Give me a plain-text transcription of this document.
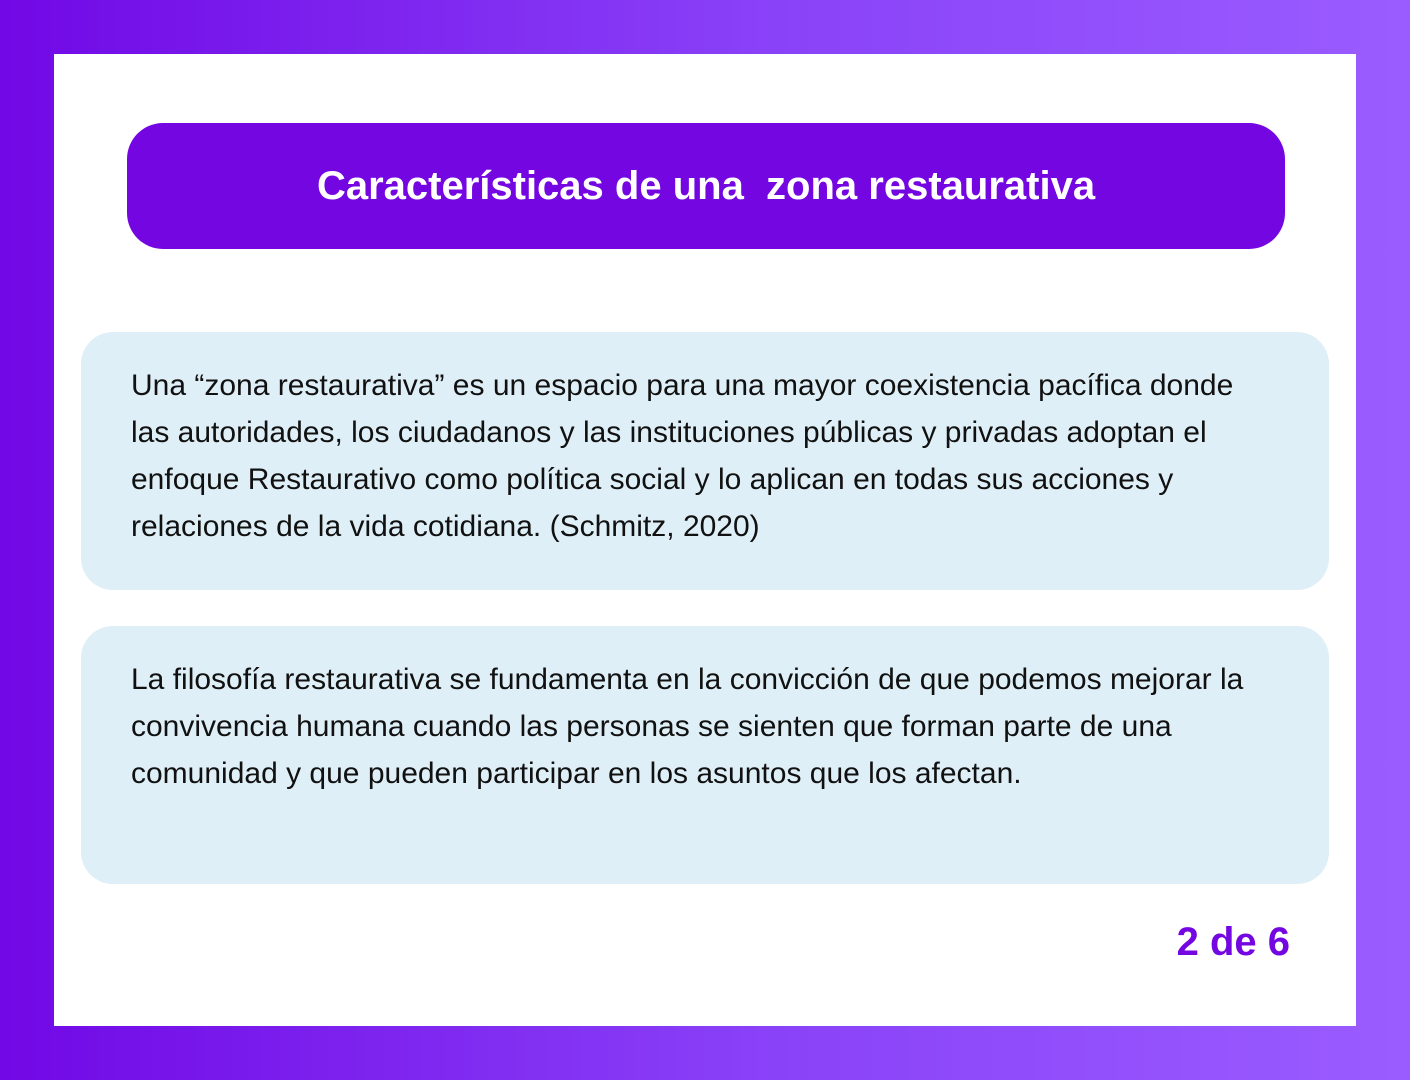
Características de una  zona restaurativa

Una “zona restaurativa” es un espacio para una mayor coexistencia pacífica donde las autoridades, los ciudadanos y las instituciones públicas y privadas adoptan el enfoque Restaurativo como política social y lo aplican en todas sus acciones y relaciones de la vida cotidiana. (Schmitz, 2020)

La filosofía restaurativa se fundamenta en la convicción de que podemos mejorar la convivencia humana cuando las personas se sienten que forman parte de una comunidad y que pueden participar en los asuntos que los afectan.

2 de 6
